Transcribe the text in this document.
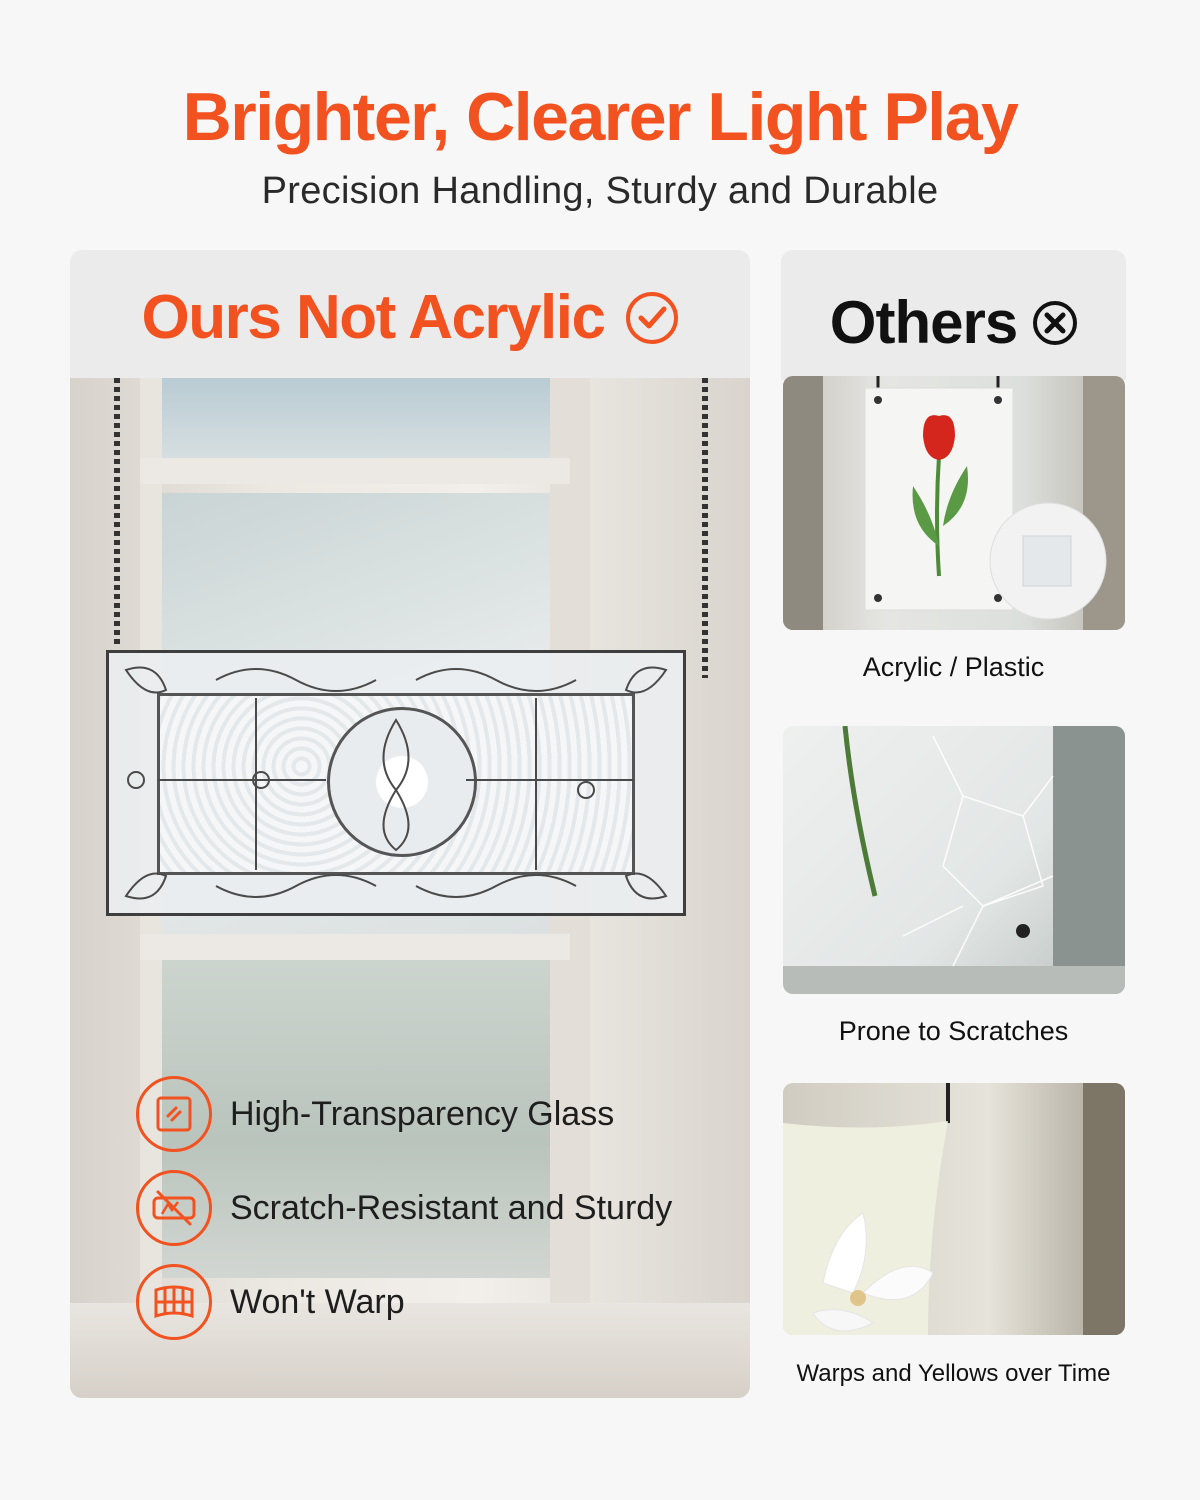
Brighter, Clearer Light Play
Precision Handling, Sturdy and Durable
Ours Not Acrylic
High-Transparency Glass
Scratch-Resistant and Sturdy
Won't Warp
Others
Acrylic / Plastic
Prone to Scratches
Warps and Yellows over Time
